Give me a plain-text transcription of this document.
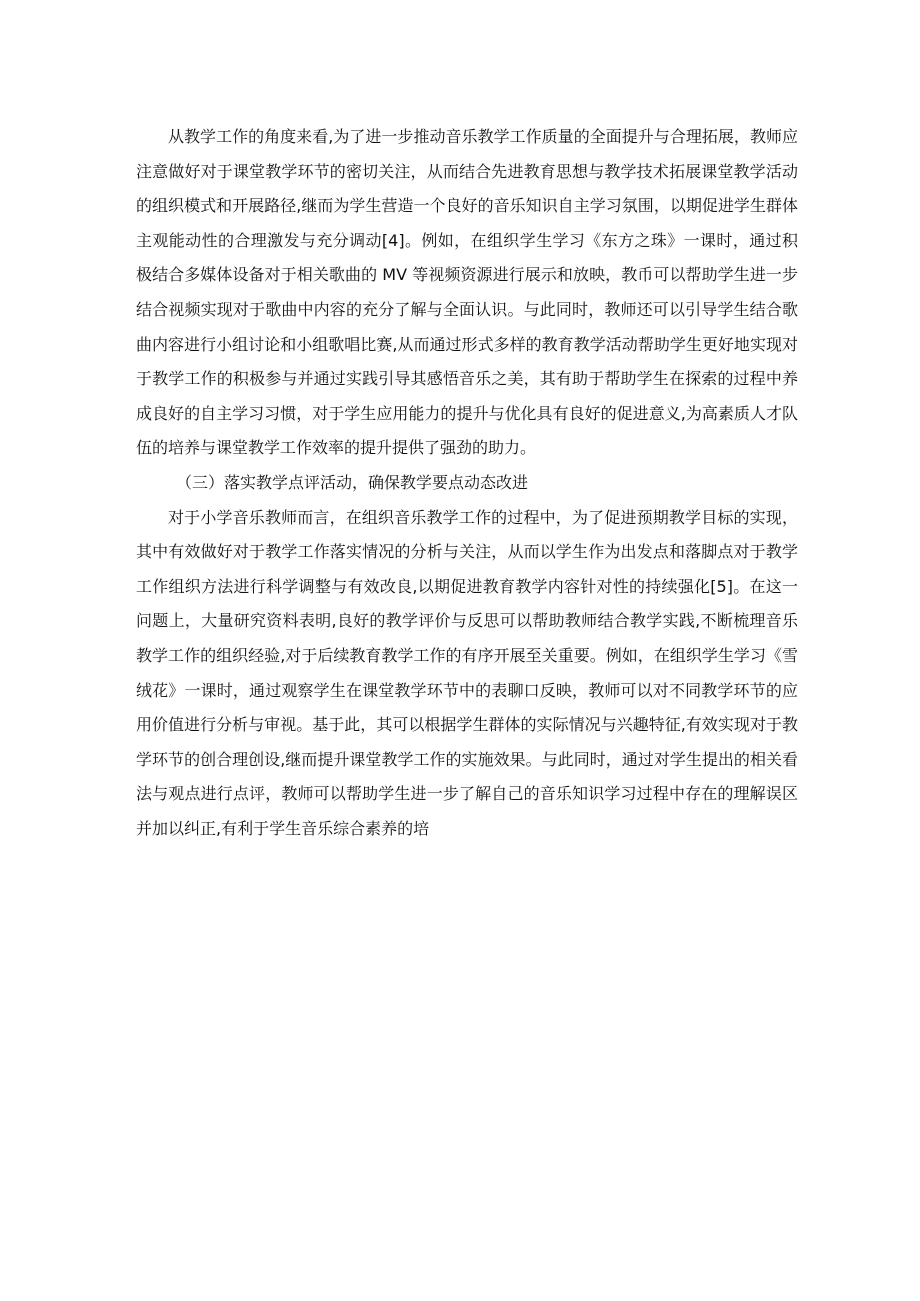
从教学工作的角度来看,为了进一步推动音乐教学工作质量的全面提升与合理拓展，教师应注意做好对于课堂教学环节的密切关注，从而结合先进教育思想与教学技术拓展课堂教学活动的组织模式和开展路径,继而为学生营造一个良好的音乐知识自主学习氛围，以期促进学生群体主观能动性的合理激发与充分调动[4]。例如，在组织学生学习《东方之珠》一课时，通过积极结合多媒体设备对于相关歌曲的 MV 等视频资源进行展示和放映，教币可以帮助学生进一步结合视频实现对于歌曲中内容的充分了解与全面认识。与此同时，教师还可以引导学生结合歌曲内容进行小组讨论和小组歌唱比赛,从而通过形式多样的教育教学活动帮助学生更好地实现对于教学工作的积极参与并通过实践引导其感悟音乐之美，其有助于帮助学生在探索的过程中养成良好的自主学习习惯，对于学生应用能力的提升与优化具有良好的促进意义,为高素质人才队伍的培养与课堂教学工作效率的提升提供了强劲的助力。

（三）落实教学点评活动，确保教学要点动态改进

对于小学音乐教师而言，在组织音乐教学工作的过程中，为了促进预期教学目标的实现，其中有效做好对于教学工作落实情况的分析与关注，从而以学生作为出发点和落脚点对于教学工作组织方法进行科学调整与有效改良,以期促进教育教学内容针对性的持续强化[5]。在这一问题上，大量研究资料表明,良好的教学评价与反思可以帮助教师结合教学实践,不断梳理音乐教学工作的组织经验,对于后续教育教学工作的有序开展至关重要。例如，在组织学生学习《雪绒花》一课时，通过观察学生在课堂教学环节中的表聊口反映，教师可以对不同教学环节的应用价值进行分析与审视。基于此，其可以根据学生群体的实际情况与兴趣特征,有效实现对于教学环节的创合理创设,继而提升课堂教学工作的实施效果。与此同时，通过对学生提出的相关看法与观点进行点评，教师可以帮助学生进一步了解自己的音乐知识学习过程中存在的理解误区并加以纠正,有利于学生音乐综合素养的培
